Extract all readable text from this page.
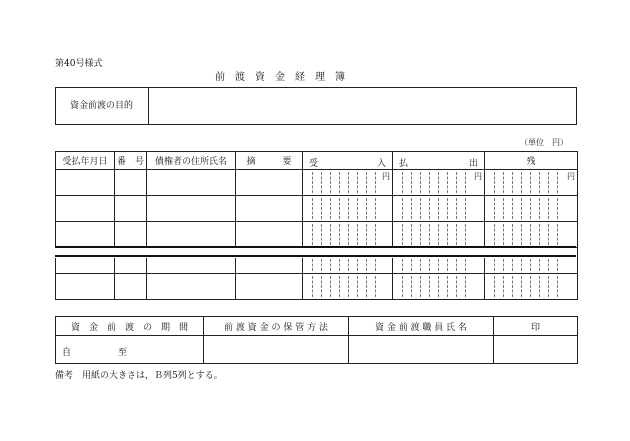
第40号様式
前　渡　資　金　経　理　簿
資金前渡の目的
（単位　円）
受払年月日	番　号	債権者の住所氏名	摘　　　要	受 入	払 出	残

				円	円	円

資　金　前　渡　の　期　間	前 渡 資 金 の 保 管 方 法	資 金 前 渡 職 員 氏 名	印

自 至			

備考　用紙の大きさは，Ｂ列5列とする。
